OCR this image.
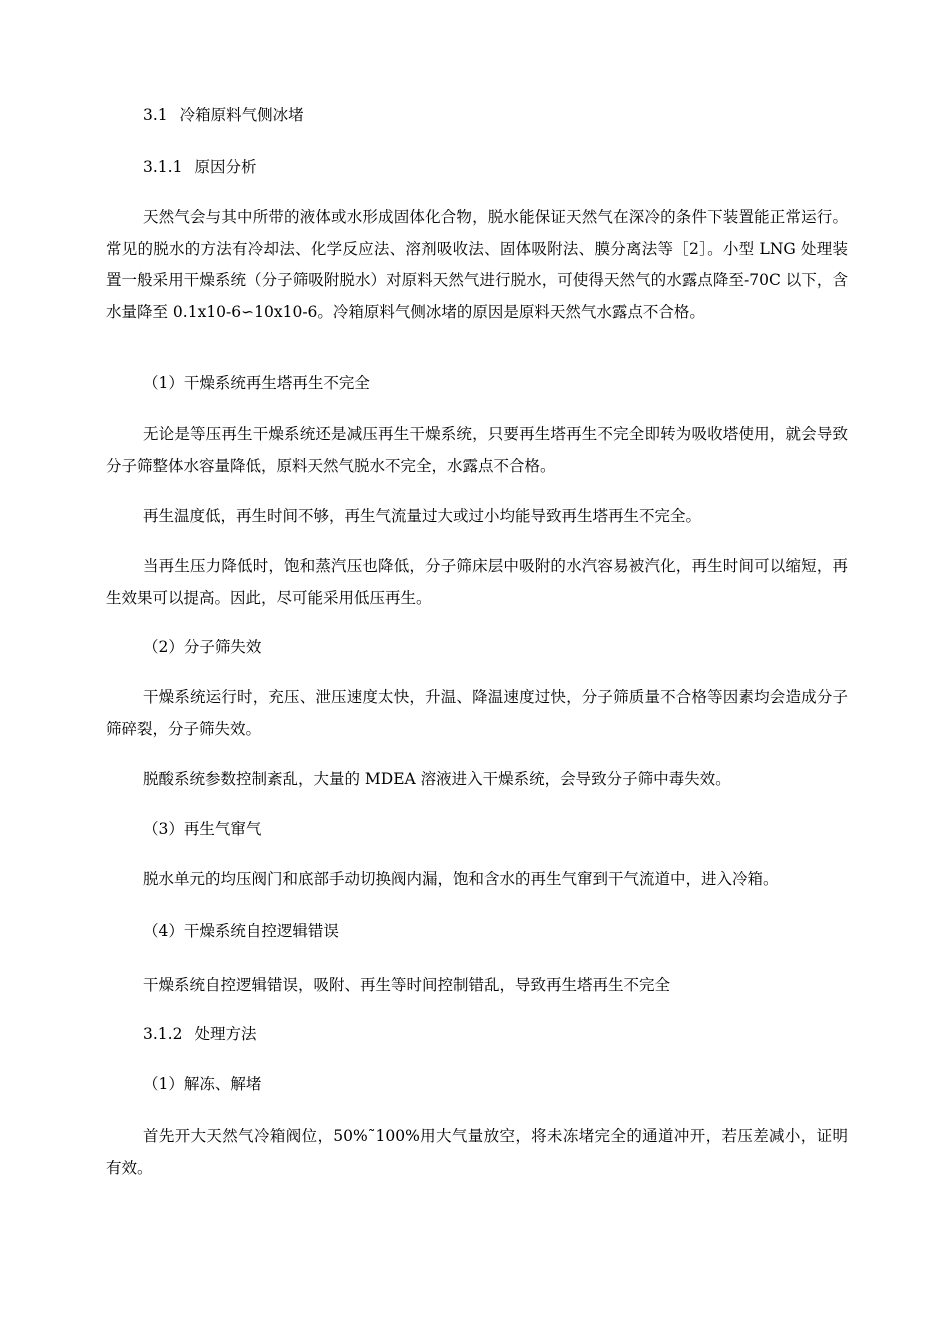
3.1 冷箱原料气侧冰堵

3.1.1 原因分析

天然气会与其中所带的液体或水形成固体化合物，脱水能保证天然气在深冷的条件下装置能正常运行。常见的脱水的方法有冷却法、化学反应法、溶剂吸收法、固体吸附法、膜分离法等［2］。小型 LNG 处理装置一般采用干燥系统（分子筛吸附脱水）对原料天然气进行脱水，可使得天然气的水露点降至-70C 以下，含水量降至 0.1x10-6∽10x10-6。冷箱原料气侧冰堵的原因是原料天然气水露点不合格。

（1）干燥系统再生塔再生不完全

无论是等压再生干燥系统还是减压再生干燥系统，只要再生塔再生不完全即转为吸收塔使用，就会导致分子筛整体水容量降低，原料天然气脱水不完全，水露点不合格。

再生温度低，再生时间不够，再生气流量过大或过小均能导致再生塔再生不完全。

当再生压力降低时，饱和蒸汽压也降低，分子筛床层中吸附的水汽容易被汽化，再生时间可以缩短，再生效果可以提高。因此，尽可能采用低压再生。

（2）分子筛失效

干燥系统运行时，充压、泄压速度太快，升温、降温速度过快，分子筛质量不合格等因素均会造成分子筛碎裂，分子筛失效。

脱酸系统参数控制紊乱，大量的 MDEA 溶液进入干燥系统，会导致分子筛中毒失效。

（3）再生气窜气

脱水单元的均压阀门和底部手动切换阀内漏，饱和含水的再生气窜到干气流道中，进入冷箱。

（4）干燥系统自控逻辑错误

干燥系统自控逻辑错误，吸附、再生等时间控制错乱，导致再生塔再生不完全

3.1.2 处理方法

（1）解冻、解堵

首先开大天然气冷箱阀位，50%˜100%用大气量放空，将未冻堵完全的通道冲开，若压差减小，证明有效。
